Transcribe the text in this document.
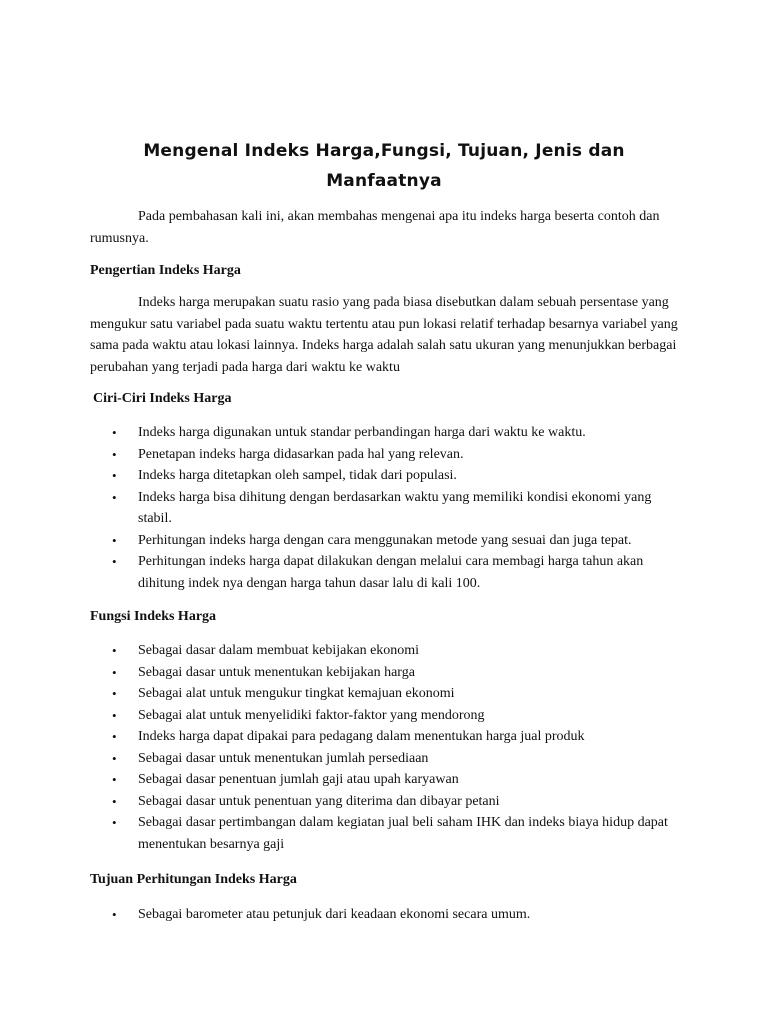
Mengenal Indeks Harga,Fungsi, Tujuan, Jenis dan Manfaatnya

Pada pembahasan kali ini, akan membahas mengenai apa itu indeks harga beserta contoh dan rumusnya.

Pengertian Indeks Harga

Indeks harga merupakan suatu rasio yang pada biasa disebutkan dalam sebuah persentase yang mengukur satu variabel pada suatu waktu tertentu atau pun lokasi relatif terhadap besarnya variabel yang sama pada waktu atau lokasi lainnya. Indeks harga adalah salah satu ukuran yang menunjukkan berbagai perubahan yang terjadi pada harga dari waktu ke waktu

Ciri-Ciri Indeks Harga
• Indeks harga digunakan untuk standar perbandingan harga dari waktu ke waktu.
• Penetapan indeks harga didasarkan pada hal yang relevan.
• Indeks harga ditetapkan oleh sampel, tidak dari populasi.
• Indeks harga bisa dihitung dengan berdasarkan waktu yang memiliki kondisi ekonomi yang stabil.
• Perhitungan indeks harga dengan cara menggunakan metode yang sesuai dan juga tepat.
• Perhitungan indeks harga dapat dilakukan dengan melalui cara membagi harga tahun akan dihitung indek nya dengan harga tahun dasar lalu di kali 100.
Fungsi Indeks Harga
• Sebagai dasar dalam membuat kebijakan ekonomi
• Sebagai dasar untuk menentukan kebijakan harga
• Sebagai alat untuk mengukur tingkat kemajuan ekonomi
• Sebagai alat untuk menyelidiki faktor-faktor yang mendorong
• Indeks harga dapat dipakai para pedagang dalam menentukan harga jual produk
• Sebagai dasar untuk menentukan jumlah persediaan
• Sebagai dasar penentuan jumlah gaji atau upah karyawan
• Sebagai dasar untuk penentuan yang diterima dan dibayar petani
• Sebagai dasar pertimbangan dalam kegiatan jual beli saham IHK dan indeks biaya hidup dapat menentukan besarnya gaji
Tujuan Perhitungan Indeks Harga
• Sebagai barometer atau petunjuk dari keadaan ekonomi secara umum.
